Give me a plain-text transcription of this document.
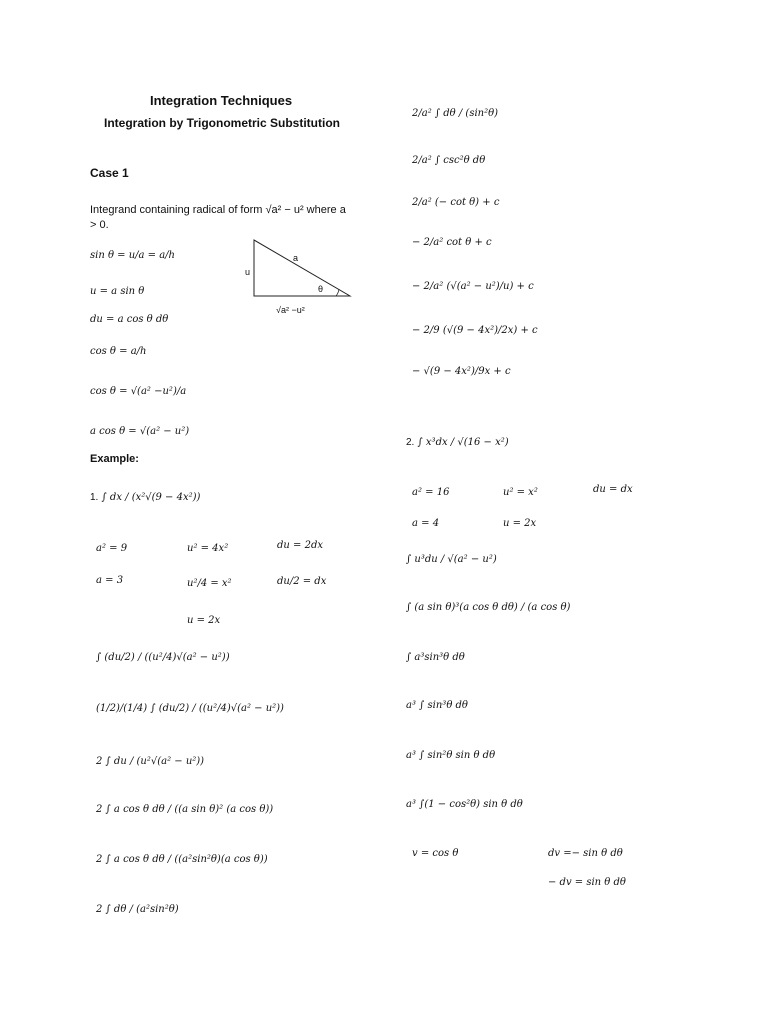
Integration Techniques
Integration by Trigonometric Substitution
Case 1
Integrand containing radical of form √a² − u² where a
> 0.
sin θ = u/a = a/h
u = a sin θ
du = a cos θ dθ
cos θ = a/h
cos θ = √(a² −u²)/a
a cos θ = √(a² − u²)
a
u
√a² −u²
θ
Example:
1. ∫ dx / (x²√(9 − 4x²))
a² = 9	u² = 4x²	du = 2dx
a = 3	u²/4 = x²	du/2 = dx
u = 2x
∫ (du/2) / ((u²/4)√(a² − u²))
(1/2)/(1/4) ∫ (du/2) / ((u²/4)√(a² − u²))
2 ∫ du / (u²√(a² − u²))
2 ∫ a cos θ dθ / ((a sin θ)² (a cos θ))
2 ∫ a cos θ dθ / ((a²sin²θ)(a cos θ))
2 ∫ dθ / (a²sin²θ)
2/a² ∫ dθ / (sin²θ)
2/a² ∫ csc²θ dθ
2/a² (− cot θ) + c
− 2/a² cot θ + c
− 2/a² (√(a² − u²)/u) + c
− 2/9 (√(9 − 4x²)/2x) + c
− √(9 − 4x²)/9x + c
2. ∫ x³dx / √(16 − x²)
a² = 16	u² = x²	du = dx
a = 4	u = 2x
∫ u³du / √(a² − u²)
∫ (a sin θ)³(a cos θ dθ) / (a cos θ)
∫ a³sin³θ dθ
a³ ∫ sin³θ dθ
a³ ∫ sin²θ sin θ dθ
a³ ∫(1 − cos²θ) sin θ dθ
v = cos θ	dv =− sin θ dθ
− dv = sin θ dθ
